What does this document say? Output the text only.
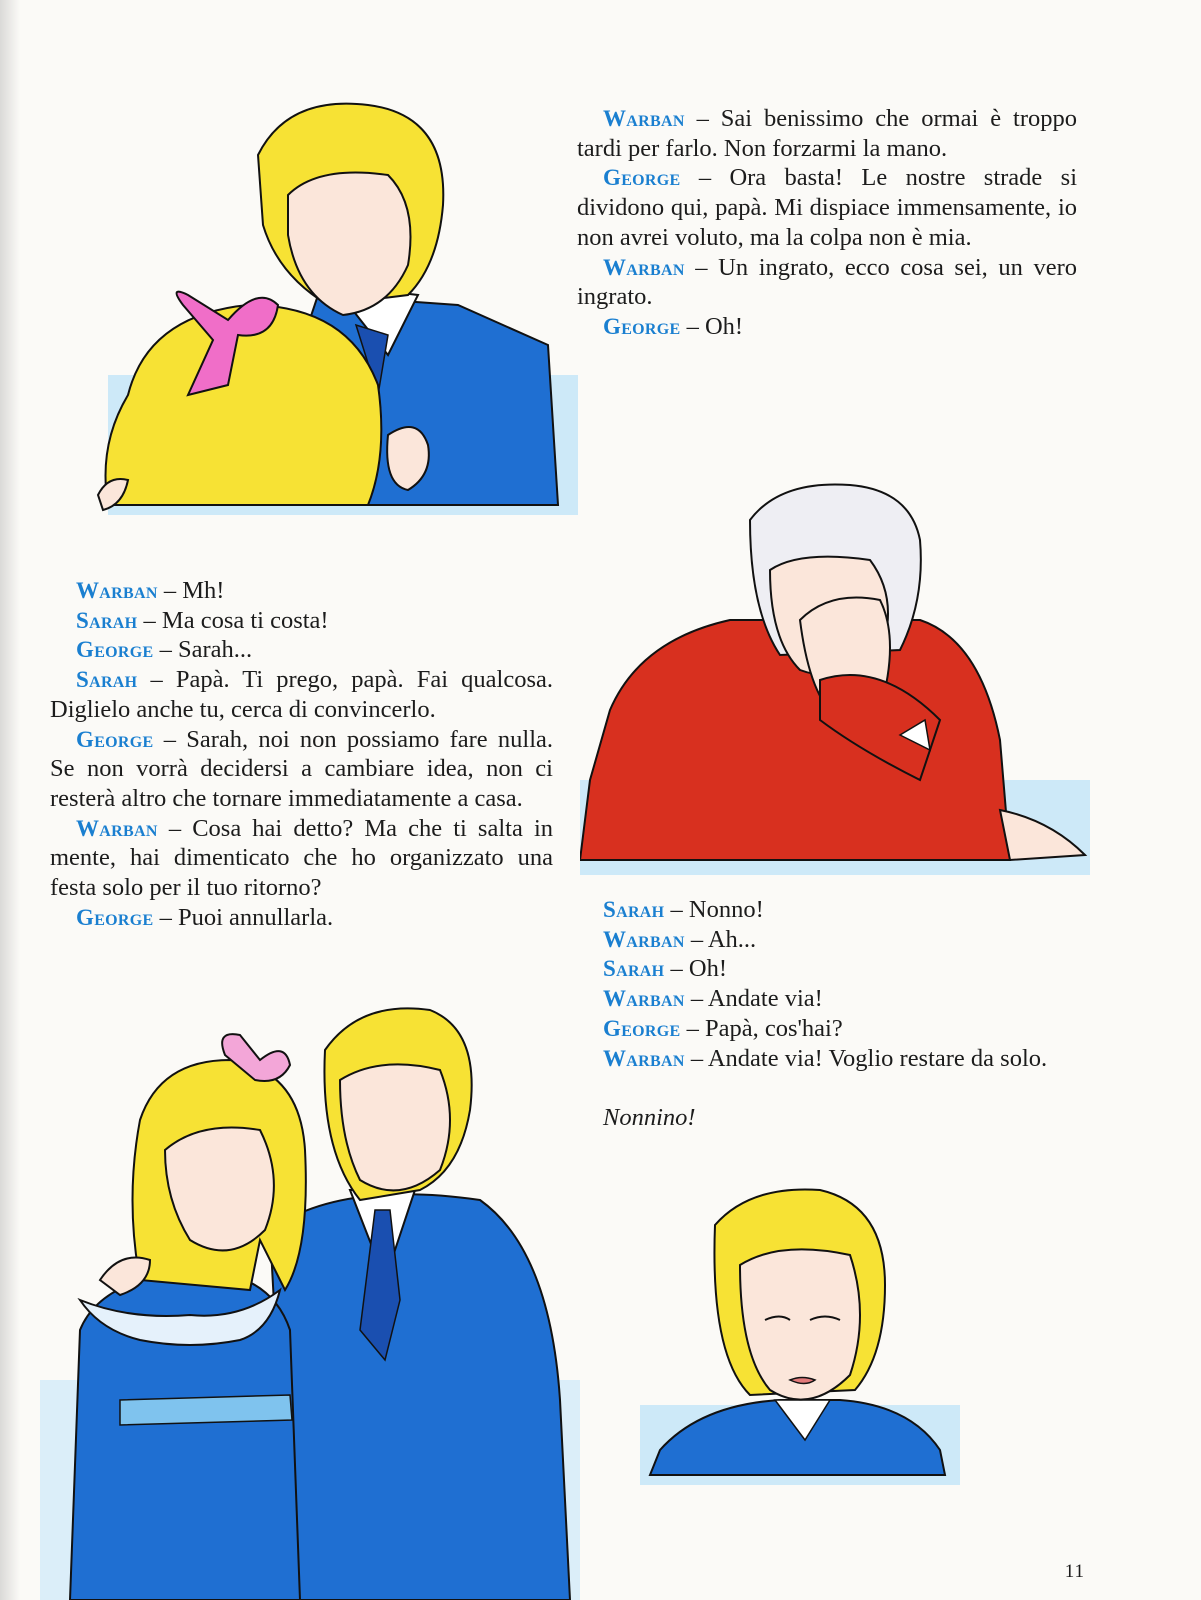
Warban – Sai benissimo che ormai è troppo tardi per farlo. Non forzarmi la mano.

George – Ora basta! Le nostre strade si dividono qui, papà. Mi dispiace immensamente, io non avrei voluto, ma la colpa non è mia.

Warban – Un ingrato, ecco cosa sei, un vero ingrato.

George – Oh!

Warban – Mh!

Sarah – Ma cosa ti costa!

George – Sarah...

Sarah – Papà. Ti prego, papà. Fai qualcosa. Diglielo anche tu, cerca di convincerlo.

George – Sarah, noi non possiamo fare nulla. Se non vorrà decidersi a cambiare idea, non ci resterà altro che tornare immediatamente a casa.

Warban – Cosa hai detto? Ma che ti salta in mente, hai dimenticato che ho organizzato una festa solo per il tuo ritorno?

George – Puoi annullarla.	Sarah – Nonno!

Warban – Ah...

Sarah – Oh!

Warban – Andate via!

George – Papà, cos'hai?

Warban – Andate via! Voglio restare da solo.

Nonnino!

11
